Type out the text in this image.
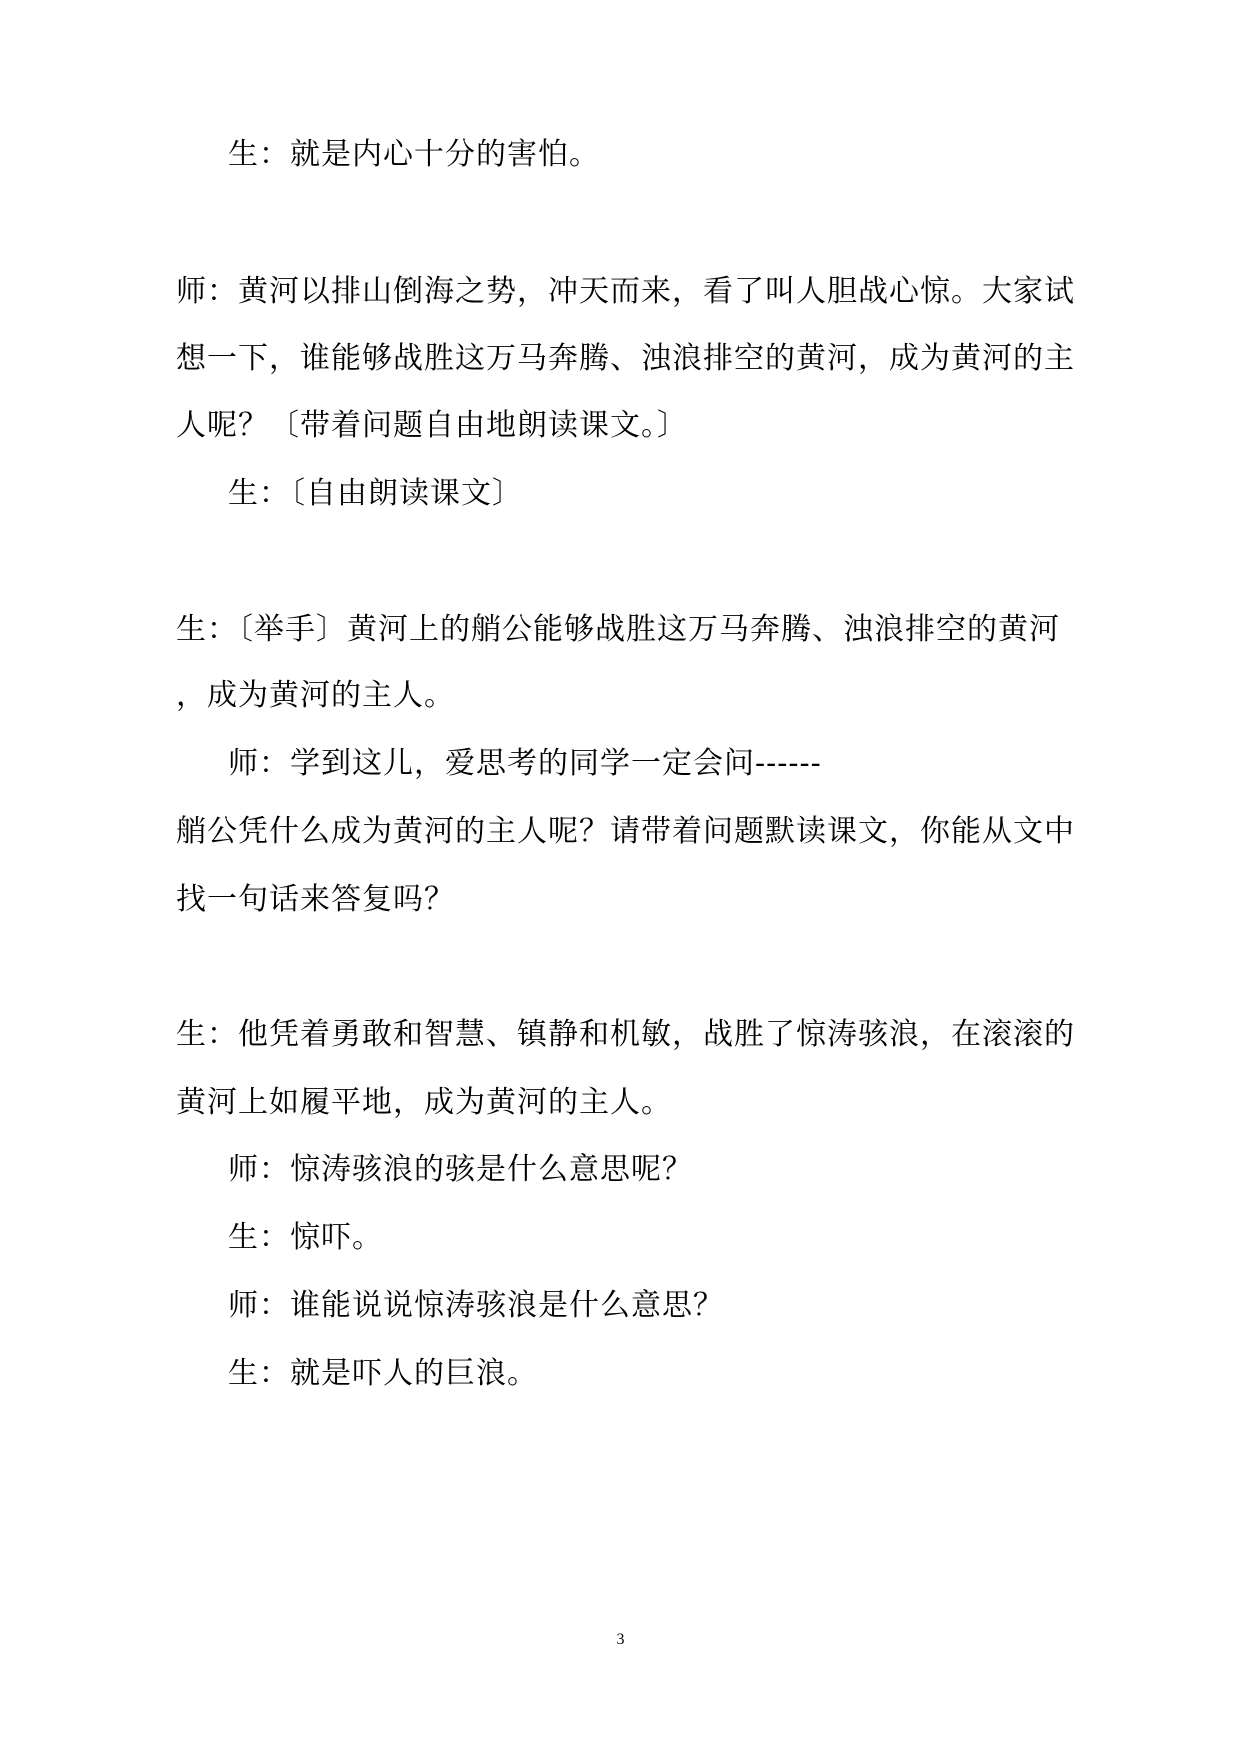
生：就是内心十分的害怕。
师：黄河以排山倒海之势，冲天而来，看了叫人胆战心惊。大家试
想一下，谁能够战胜这万马奔腾、浊浪排空的黄河，成为黄河的主
人呢？〔带着问题自由地朗读课文。〕
生：〔自由朗读课文〕
生：〔举手〕黄河上的艄公能够战胜这万马奔腾、浊浪排空的黄河
，成为黄河的主人。
师：学到这儿，爱思考的同学一定会问------
艄公凭什么成为黄河的主人呢？请带着问题默读课文，你能从文中
找一句话来答复吗？
生：他凭着勇敢和智慧、镇静和机敏，战胜了惊涛骇浪，在滚滚的
黄河上如履平地，成为黄河的主人。
师：惊涛骇浪的骇是什么意思呢？
生：惊吓。
师：谁能说说惊涛骇浪是什么意思？
生：就是吓人的巨浪。
3
